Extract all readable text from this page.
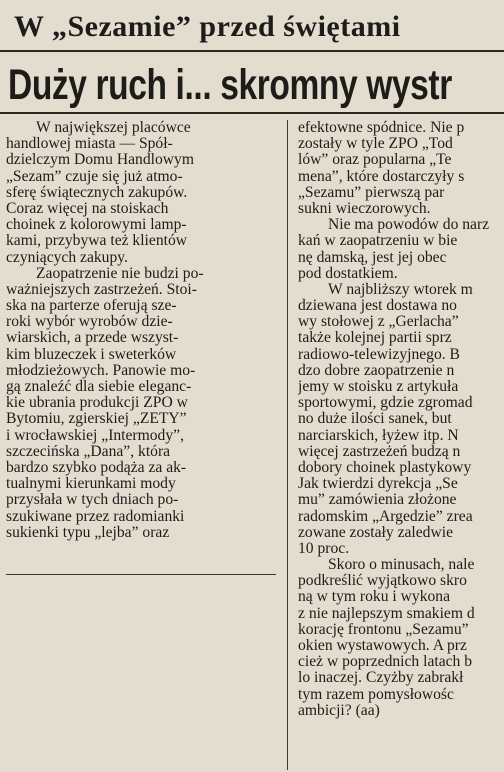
W „Sezamie” przed świętami
Duży ruch i... skromny wystr
W największej placówce
handlowej miasta — Spół-
dzielczym Domu Handlowym
„Sezam” czuje się już atmo-
sferę świątecznych zakupów.
Coraz więcej na stoiskach
choinek z kolorowymi lamp-
kami, przybywa też klientów
czyniących zakupy.
Zaopatrzenie nie budzi po-
ważniejszych zastrzeżeń. Stoi-
ska na parterze oferują sze-
roki wybór wyrobów dzie-
wiarskich, a przede wszyst-
kim bluzeczek i sweterków
młodzieżowych. Panowie mo-
gą znaleźć dla siebie eleganc-
kie ubrania produkcji ZPO w
Bytomiu, zgierskiej „ZETY”
i wrocławskiej „Intermody”,
szczecińska „Dana”, która
bardzo szybko podąża za ak-
tualnymi kierunkami mody
przysłała w tych dniach po-
szukiwane przez radomianki
sukienki typu „lejba” oraz
efektowne spódnice. Nie p
zostały w tyle ZPO „Tod
lów” oraz popularna „Te
mena”, które dostarczyły s
„Sezamu” pierwszą par
sukni wieczorowych.
Nie ma powodów do narz
kań w zaopatrzeniu w bie
nę damską, jest jej obec
pod dostatkiem.
W najbliższy wtorek m
dziewana jest dostawa no
wy stołowej z „Gerlacha”
także kolejnej partii sprz
radiowo-telewizyjnego. B
dzo dobre zaopatrzenie n
jemy w stoisku z artykuła
sportowymi, gdzie zgromad
no duże ilości sanek, but
narciarskich, łyżew itp. N
więcej zastrzeżeń budzą n
dobory choinek plastykowy
Jak twierdzi dyrekcja „Se
mu” zamówienia złożone
radomskim „Argedzie” zrea
zowane zostały zaledwie
10 proc.
Skoro o minusach, nale
podkreślić wyjątkowo skro
ną w tym roku i wykona
z nie najlepszym smakiem d
korację frontonu „Sezamu”
okien wystawowych. A prz
cież w poprzednich latach b
lo inaczej. Czyżby zabrakł
tym razem pomysłowośc
ambicji? (aa)
